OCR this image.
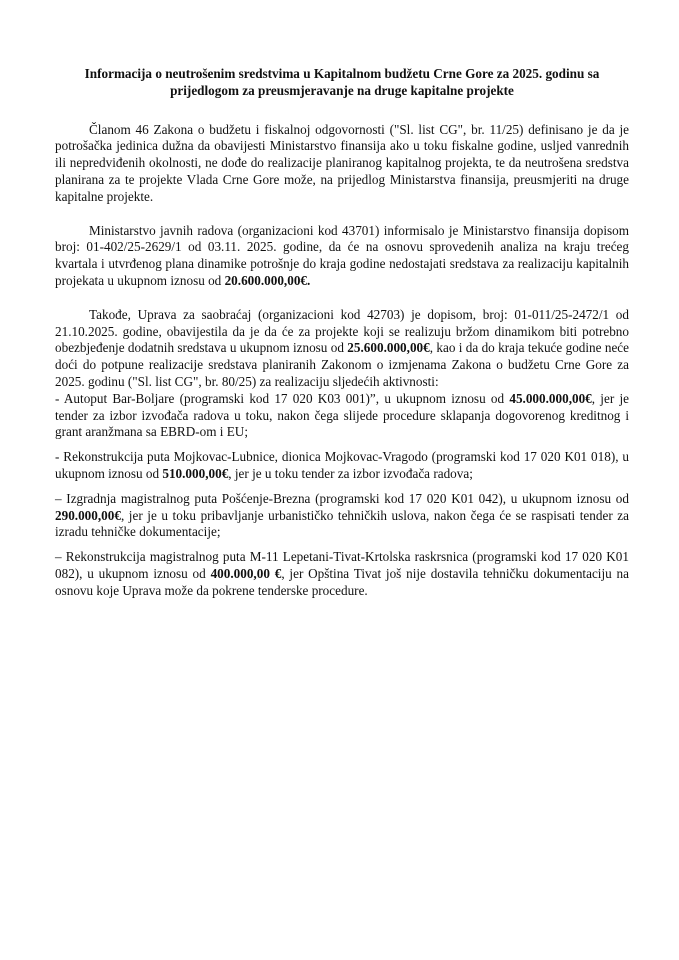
Informacija o neutrošenim sredstvima u Kapitalnom budžetu Crne Gore za 2025. godinu sa prijedlogom za preusmjeravanje na druge kapitalne projekte

Članom 46 Zakona o budžetu i fiskalnoj odgovornosti ("Sl. list CG", br. 11/25) definisano je da je potrošačka jedinica dužna da obavijesti Ministarstvo finansija ako u toku fiskalne godine, usljed vanrednih ili nepredviđenih okolnosti, ne dođe do realizacije planiranog kapitalnog projekta, te da neutrošena sredstva planirana za te projekte Vlada Crne Gore može, na prijedlog Ministarstva finansija, preusmjeriti na druge kapitalne projekte.

Ministarstvo javnih radova (organizacioni kod 43701) informisalo je Ministarstvo finansija dopisom broj: 01-402/25-2629/1 od 03.11. 2025. godine, da će na osnovu sprovedenih analiza na kraju trećeg kvartala i utvrđenog plana dinamike potrošnje do kraja godine nedostajati sredstava za realizaciju kapitalnih projekata u ukupnom iznosu od 20.600.000,00€.

Takođe, Uprava za saobraćaj (organizacioni kod 42703) je dopisom, broj: 01-011/25-2472/1 od 21.10.2025. godine, obavijestila da je da će za projekte koji se realizuju bržom dinamikom biti potrebno obezbjeđenje dodatnih sredstava u ukupnom iznosu od 25.600.000,00€, kao i da do kraja tekuće godine neće doći do potpune realizacije sredstava planiranih Zakonom o izmjenama Zakona o budžetu Crne Gore za 2025. godinu ("Sl. list CG", br. 80/25) za realizaciju sljedećih aktivnosti:

- Autoput Bar-Boljare (programski kod 17 020 K03 001)”, u ukupnom iznosu od 45.000.000,00€, jer je tender za izbor izvođača radova u toku, nakon čega slijede procedure sklapanja dogovorenog kreditnog i grant aranžmana sa EBRD-om i EU;

- Rekonstrukcija puta Mojkovac-Lubnice, dionica Mojkovac-Vragodo (programski kod 17 020 K01 018), u ukupnom iznosu od 510.000,00€, jer je u toku tender za izbor izvođača radova;

– Izgradnja magistralnog puta Pošćenje-Brezna (programski kod 17 020 K01 042), u ukupnom iznosu od 290.000,00€, jer je u toku pribavljanje urbanističko tehničkih uslova, nakon čega će se raspisati tender za izradu tehničke dokumentacije;

– Rekonstrukcija magistralnog puta M-11 Lepetani-Tivat-Krtolska raskrsnica (programski kod 17 020 K01 082), u ukupnom iznosu od 400.000,00 €, jer Opština Tivat još nije dostavila tehničku dokumentaciju na osnovu koje Uprava može da pokrene tenderske procedure.
